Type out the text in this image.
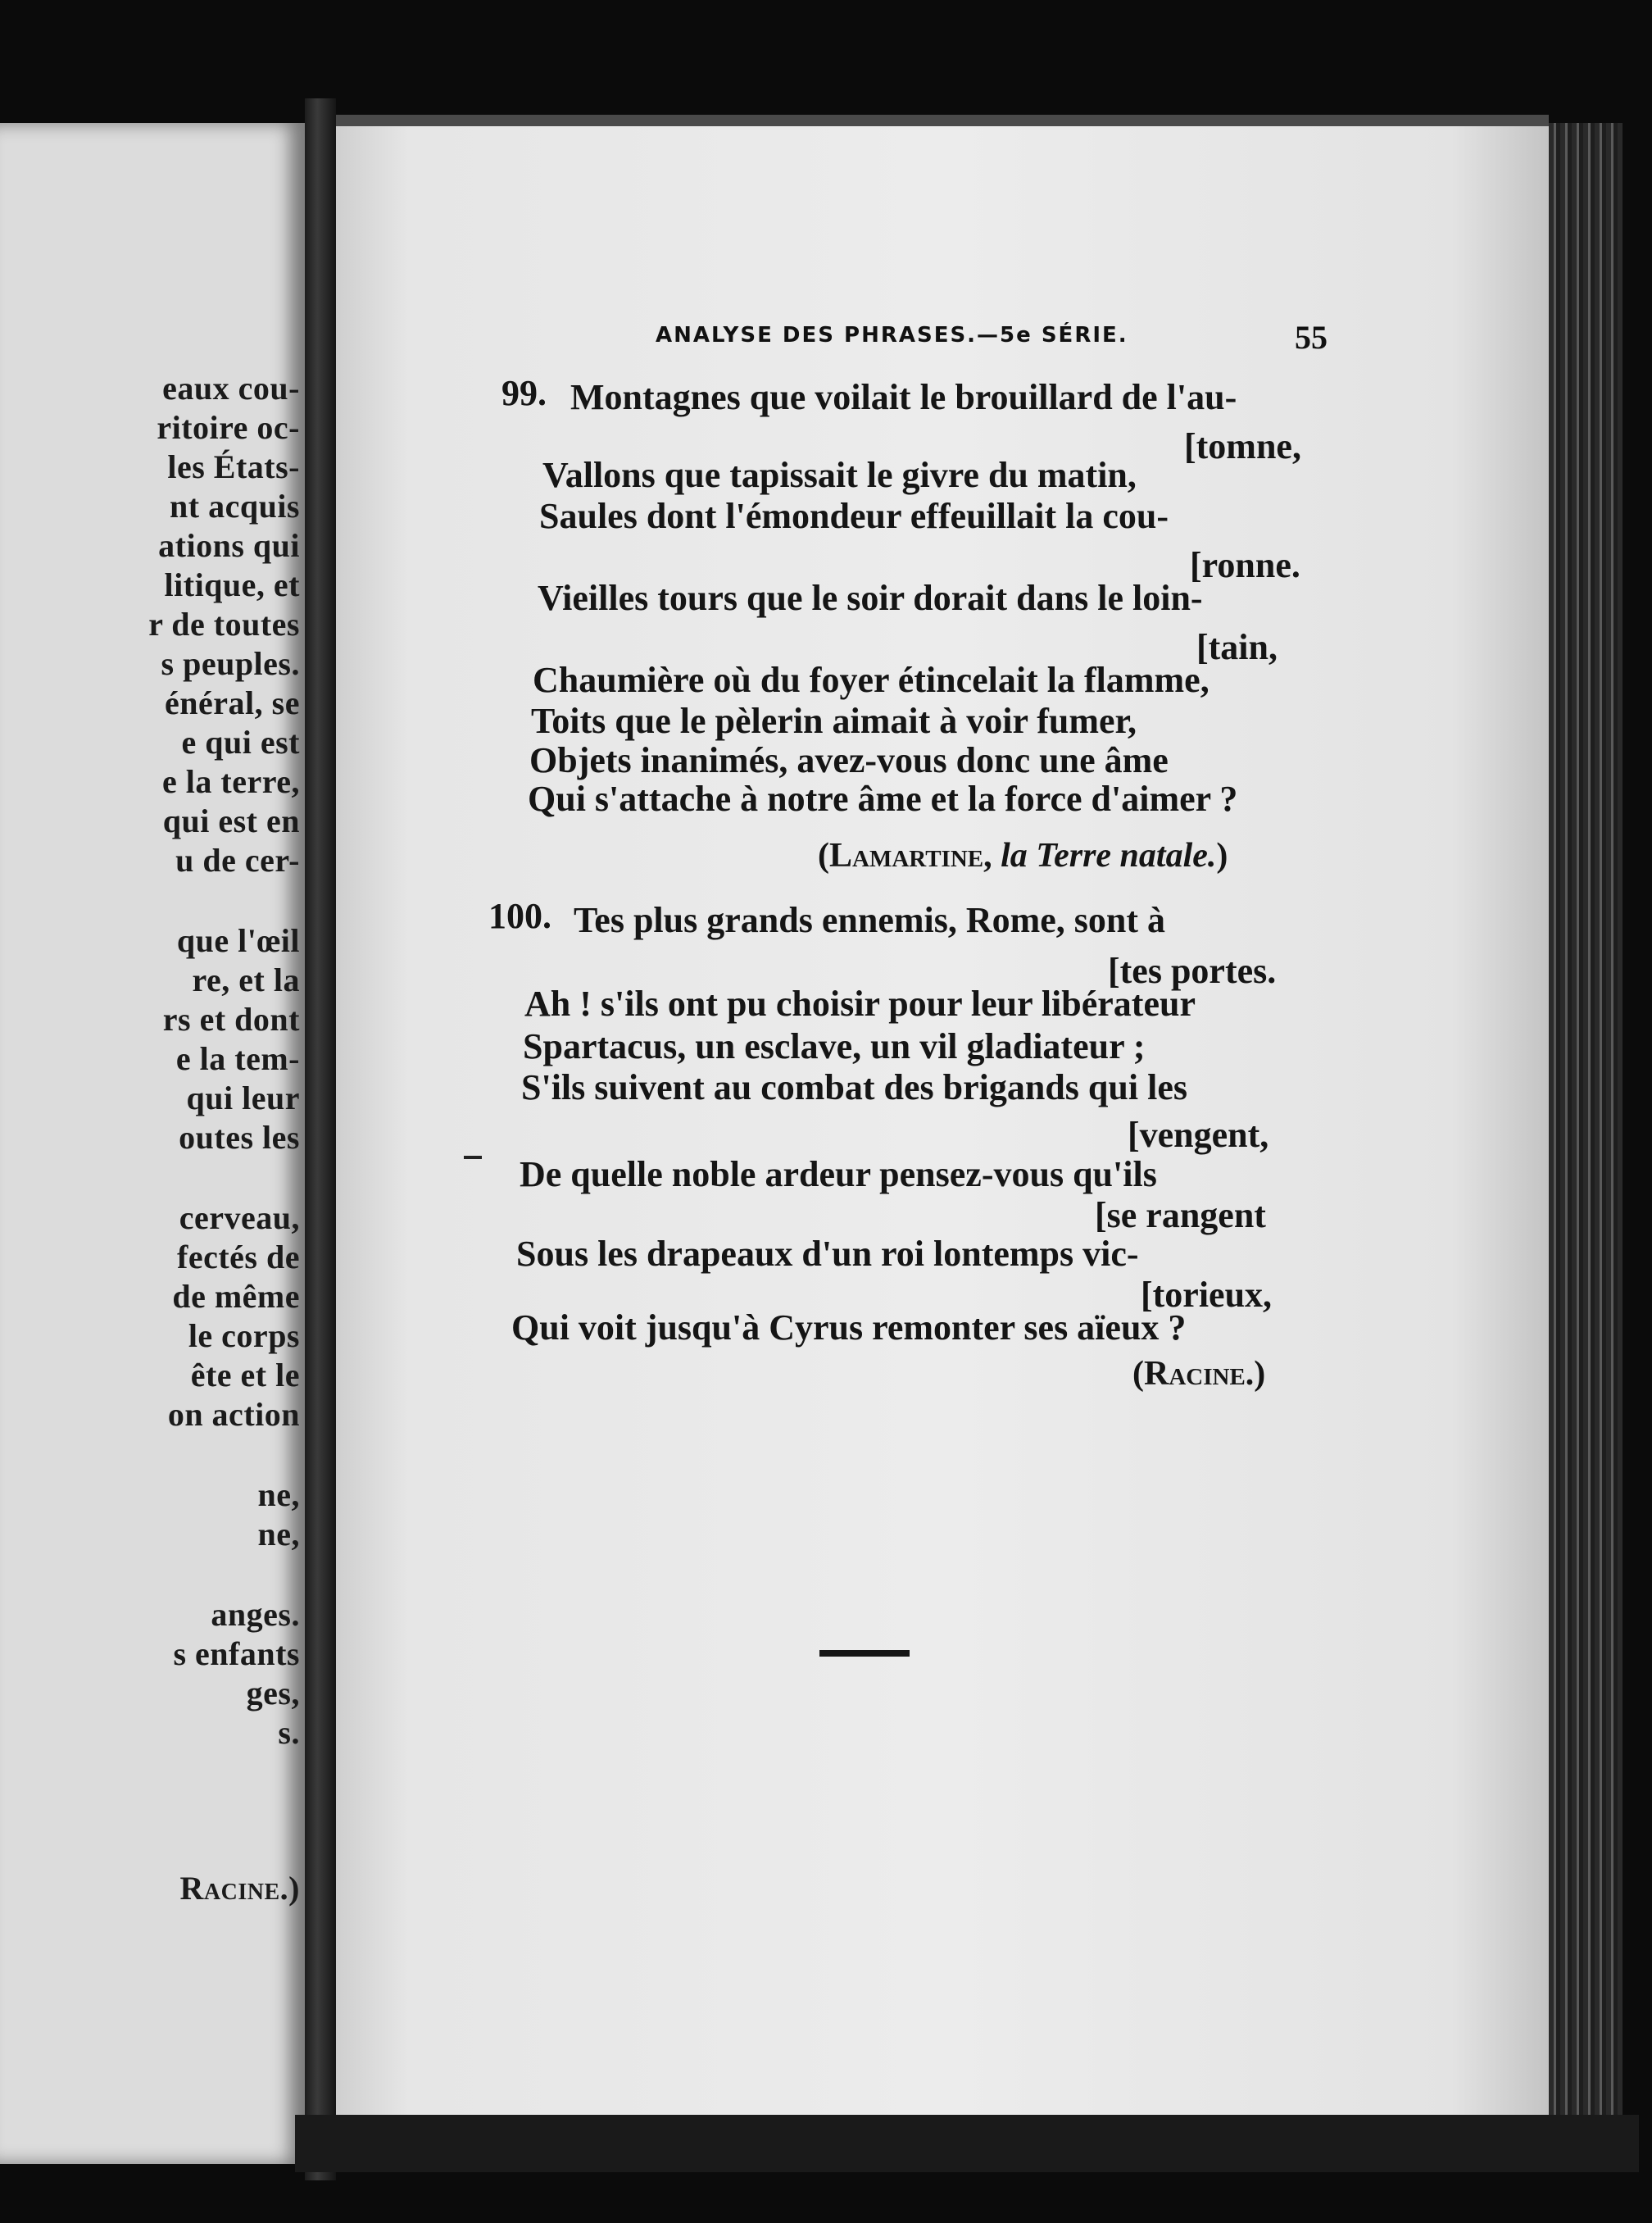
eaux cou-

ritoire oc-

les États-

nt acquis

ations qui

litique, et

r de toutes

s peuples.

énéral, se

e qui est

e la terre,

qui est en

u de cer-

que l'œil

re, et la

rs et dont

e la tem-

qui leur

outes les

cerveau,

fectés de

de même

le corps

ête et le

on action

ne,

ne,

anges.

s enfants

ges,

s.

Racine.)

ANALYSE DES PHRASES.—5e SÉRIE.	55

99. Montagnes que voilait le brouillard de l'au-

[tomne,

Vallons que tapissait le givre du matin,

Saules dont l'émondeur effeuillait la cou-

[ronne.

Vieilles tours que le soir dorait dans le loin-

[tain,

Chaumière où du foyer étincelait la flamme,

Toits que le pèlerin aimait à voir fumer,

Objets inanimés, avez-vous donc une âme

Qui s'attache à notre âme et la force d'aimer ?

(Lamartine, la Terre natale.)

100. Tes plus grands ennemis, Rome, sont à

[tes portes.

Ah ! s'ils ont pu choisir pour leur libérateur

Spartacus, un esclave, un vil gladiateur ;

S'ils suivent au combat des brigands qui les

[vengent,

De quelle noble ardeur pensez-vous qu'ils

[se rangent

Sous les drapeaux d'un roi lontemps vic-

[torieux,

Qui voit jusqu'à Cyrus remonter ses aïeux ?

(Racine.)
